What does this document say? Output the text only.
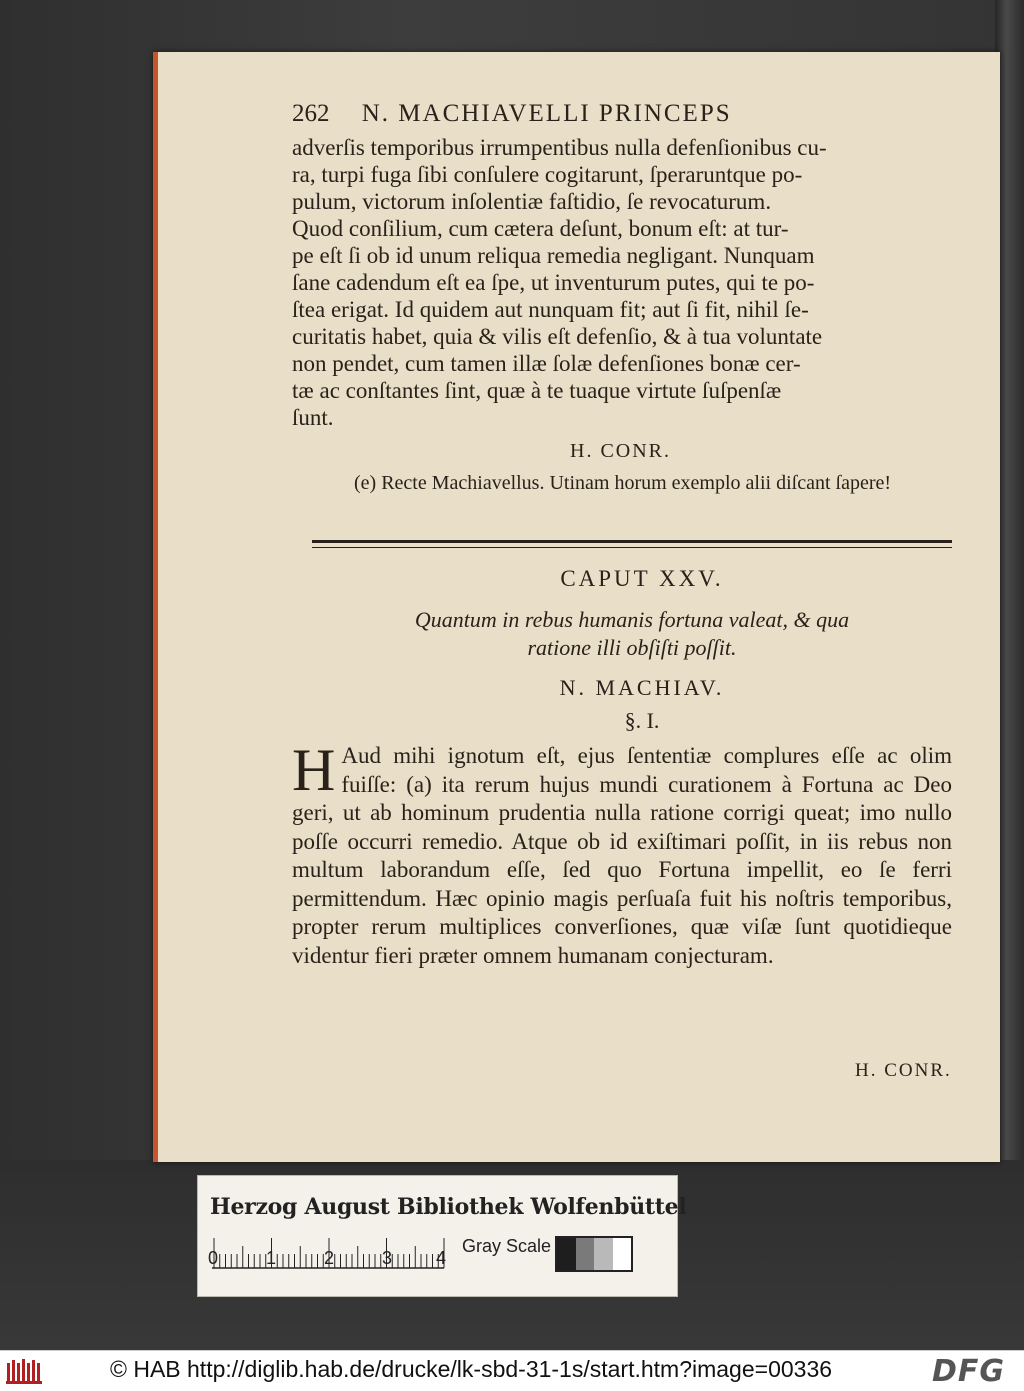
262 N. MACHIAVELLI PRINCEPS

adverſis temporibus irrumpentibus nulla defenſionibus cu-

ra, turpi fuga ſibi conſulere cogitarunt, ſperaruntque po-

pulum, victorum inſolentiæ faſtidio, ſe revocaturum.

Quod conſilium, cum cætera deſunt, bonum eſt: at tur-

pe eſt ſi ob id unum reliqua remedia negligant. Nunquam

ſane cadendum eſt ea ſpe, ut inventurum putes, qui te po-

ſtea erigat. Id quidem aut nunquam fit; aut ſi fit, nihil ſe-

curitatis habet, quia & vilis eſt defenſio, & à tua voluntate

non pendet, cum tamen illæ ſolæ defenſiones bonæ cer-

tæ ac conſtantes ſint, quæ à te tuaque virtute ſuſpenſæ

ſunt.

H. CONR.
(e) Recte Machiavellus. Utinam horum exemplo alii diſcant ſapere!
CAPUT XXV.
Quantum in rebus humanis fortuna valeat, & qua
ratione illi obſiſti poſſit.
N. MACHIAV.
§. I.
H Aud mihi ignotum eſt, ejus ſententiæ complures eſſe ac olim fuiſſe: (a) ita rerum hujus mundi curationem à Fortuna ac Deo geri, ut ab hominum prudentia nulla ratione corrigi queat; imo nullo poſſe occurri remedio. Atque ob id exiſtimari poſſit, in iis rebus non multum laborandum eſſe, ſed quo Fortuna impellit, eo ſe ferri permittendum. Hæc opinio magis perſuaſa fuit his noſtris temporibus, propter rerum multiplices converſiones, quæ viſæ ſunt quotidieque videntur fieri præter omnem humanam conjecturam.
H. CONR.
Herzog August Bibliothek Wolfenbüttel
0	1	2	3 4
Gray Scale
© HAB http://diglib.hab.de/drucke/lk-sbd-31-1s/start.htm?image=00336	DFG
